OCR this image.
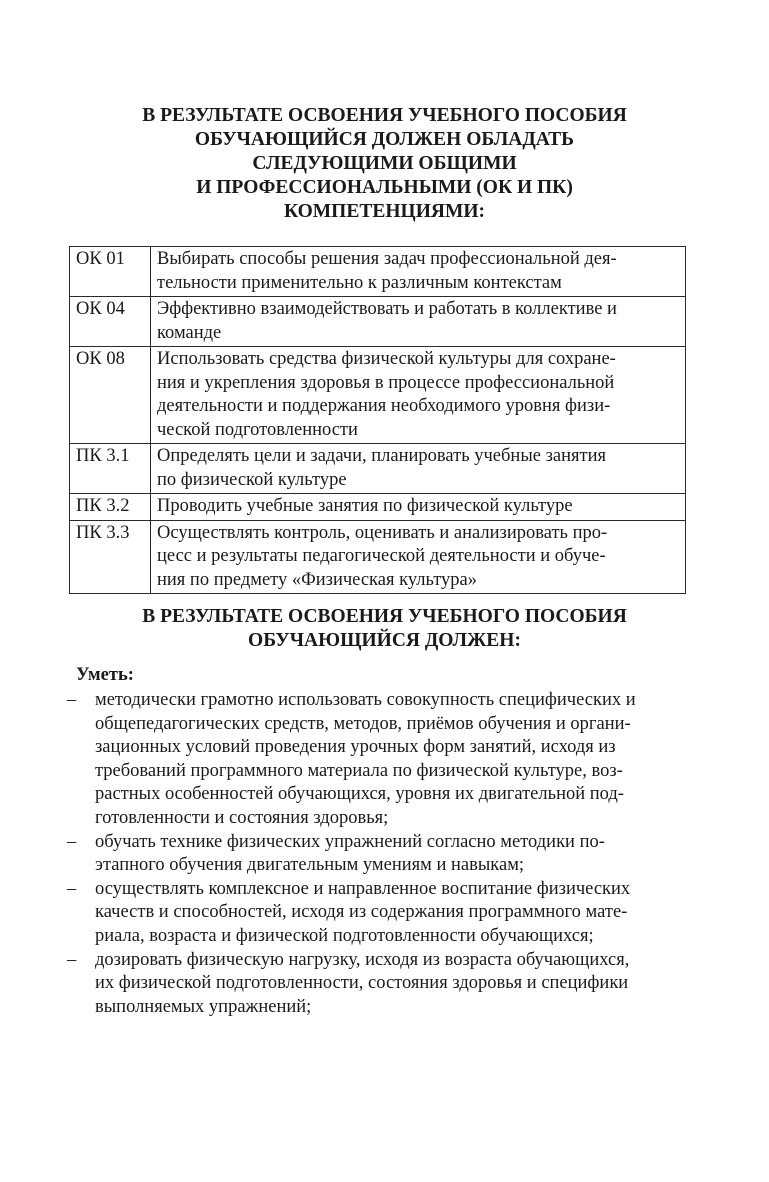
В РЕЗУЛЬТАТЕ ОСВОЕНИЯ УЧЕБНОГО ПОСОБИЯ
ОБУЧАЮЩИЙСЯ ДОЛЖЕН ОБЛАДАТЬ
СЛЕДУЮЩИМИ ОБЩИМИ
И ПРОФЕССИОНАЛЬНЫМИ (ОК И ПК)
КОМПЕТЕНЦИЯМИ:
ОК 01	Выбирать способы решения задач профессиональной дея-
тельности применительно к различным контекстам

ОК 04	Эффективно взаимодействовать и работать в коллективе и
команде

ОК 08	Использовать средства физической культуры для сохране-
ния и укрепления здоровья в процессе профессиональной
деятельности и поддержания необходимого уровня физи-
ческой подготовленности

ПК 3.1	Определять цели и задачи, планировать учебные занятия
по физической культуре

ПК 3.2	Проводить учебные занятия по физической культуре

ПК 3.3	Осуществлять контроль, оценивать и анализировать про-
цесс и результаты педагогической деятельности и обуче-
ния по предмету «Физическая культура»
В РЕЗУЛЬТАТЕ ОСВОЕНИЯ УЧЕБНОГО ПОСОБИЯ
ОБУЧАЮЩИЙСЯ ДОЛЖЕН:
Уметь:
– методически грамотно использовать совокупность специфических и
общепедагогических средств, методов, приёмов обучения и органи-
зационных условий проведения урочных форм занятий, исходя из
требований программного материала по физической культуре, воз-
растных особенностей обучающихся, уровня их двигательной под-
готовленности и состояния здоровья;
– обучать технике физических упражнений согласно методики по-
этапного обучения двигательным умениям и навыкам;
– осуществлять комплексное и направленное воспитание физических
качеств и способностей, исходя из содержания программного мате-
риала, возраста и физической подготовленности обучающихся;
– дозировать физическую нагрузку, исходя из возраста обучающихся,
их физической подготовленности, состояния здоровья и специфики
выполняемых упражнений;
